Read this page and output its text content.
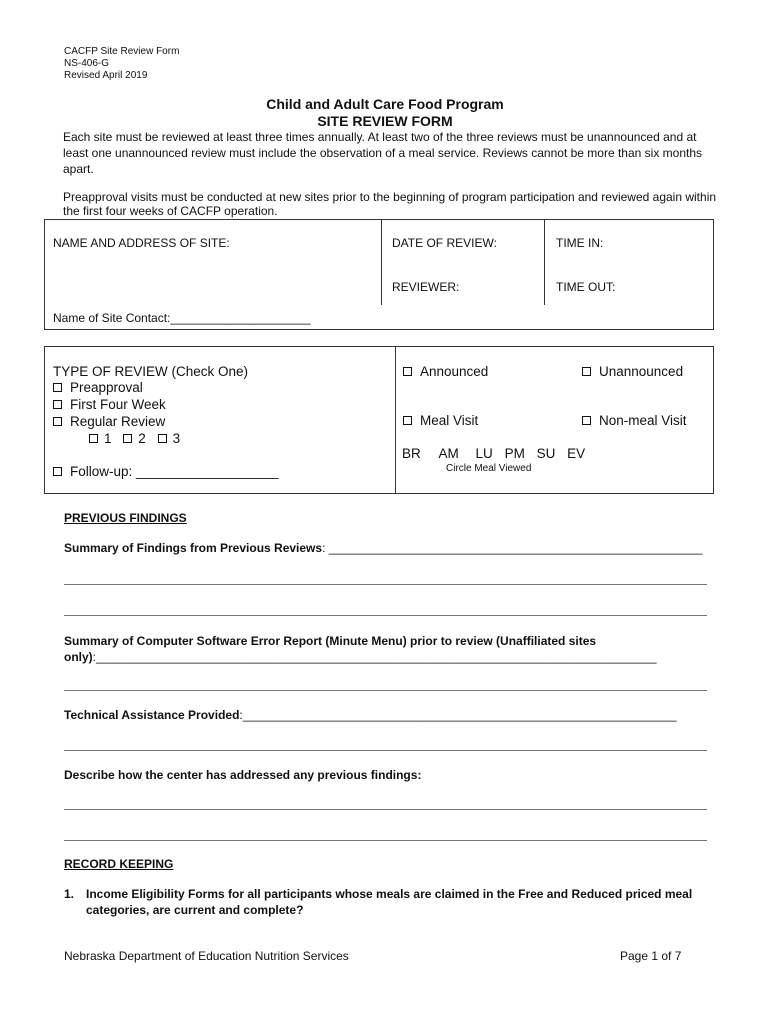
CACFP Site Review Form
NS-406-G
Revised April 2019
Child and Adult Care Food Program
SITE REVIEW FORM
Each site must be reviewed at least three times annually. At least two of the three reviews must be unannounced and at least one unannounced review must include the observation of a meal service. Reviews cannot be more than six months apart.
Preapproval visits must be conducted at new sites prior to the beginning of program participation and reviewed again within the first four weeks of CACFP operation.
NAME AND ADDRESS OF SITE:	DATE OF REVIEW:	TIME IN:
REVIEWER:	TIME OUT:
Name of Site Contact:_____________________
TYPE OF REVIEW (Check One)
Preapproval
First Four Week
Regular Review
1 2 3
Follow-up: ___________________
Announced	Unannounced
Meal Visit	Non-meal Visit
BR AM LU PM SU EV
Circle Meal Viewed
PREVIOUS FINDINGS
Summary of Findings from Previous Reviews: ________________________________________________________
Summary of Computer Software Error Report (Minute Menu) prior to review (Unaffiliated sites
only):____________________________________________________________________________________
Technical Assistance Provided:_________________________________________________________________
Describe how the center has addressed any previous findings:
RECORD KEEPING
1. Income Eligibility Forms for all participants whose meals are claimed in the Free and Reduced priced meal
categories, are current and complete?
Nebraska Department of Education Nutrition Services	Page 1 of 7
